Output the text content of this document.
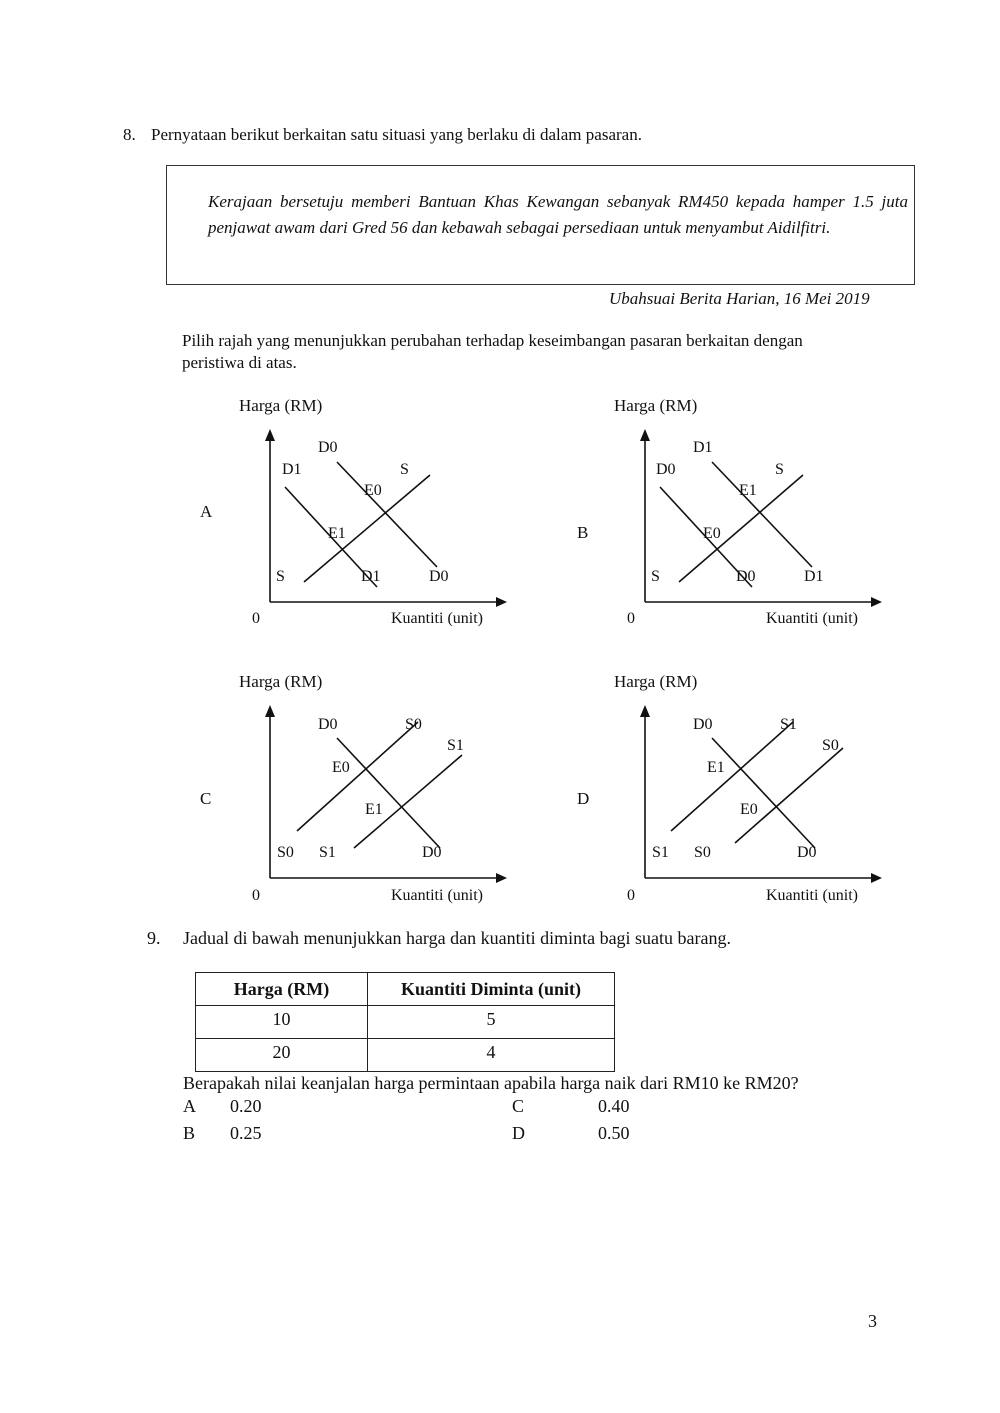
8. Pernyataan berikut berkaitan satu situasi yang berlaku di dalam pasaran.
Kerajaan bersetuju memberi Bantuan Khas Kewangan sebanyak RM450 kepada hamper 1.5 juta penjawat awam dari Gred 56 dan kebawah sebagai persediaan untuk menyambut Aidilfitri.
Ubahsuai Berita Harian, 16 Mei 2019
Pilih rajah yang menunjukkan perubahan terhadap keseimbangan pasaran berkaitan dengan
peristiwa di atas.
Harga (RM)
A
D0
D1	S
E0
E1
S	D1	D0
0	Kuantiti (unit)
Harga (RM)
B
D1
D0	S
E1
E0
S	D0	D1
0	Kuantiti (unit)
Harga (RM)
C
D0	S0
S1
E0
E1
S0 S1	D0
0	Kuantiti (unit)
Harga (RM)
D
D0	S1
S0
E1
E0
S1 S0	D0
0	Kuantiti (unit)
9. Jadual di bawah menunjukkan harga dan kuantiti diminta bagi suatu barang.
Harga (RM)	Kuantiti Diminta (unit)
10	5
20	4
Berapakah nilai keanjalan harga permintaan apabila harga naik dari RM10 ke RM20?
A 0.20
B 0.25
C	0.40
D	0.50
3
